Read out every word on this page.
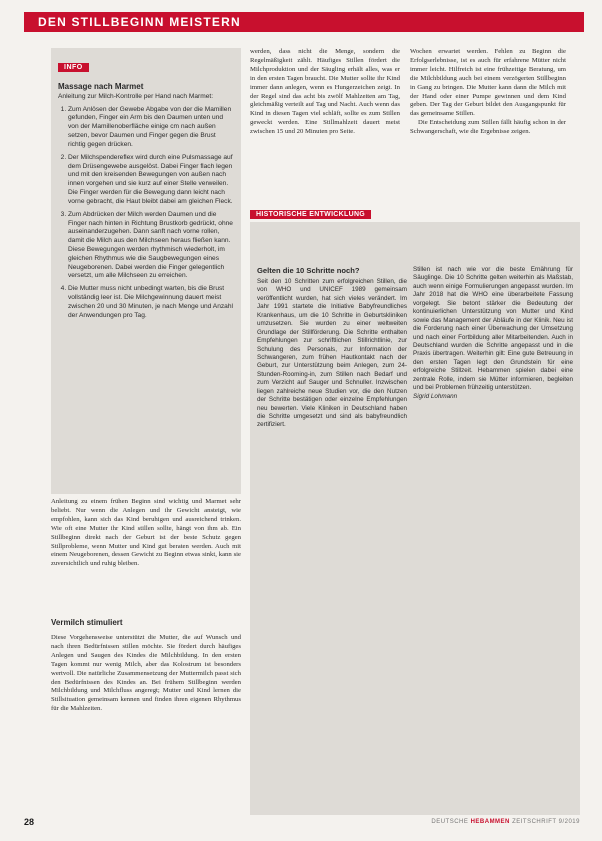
DEN STILLBEGINN MEISTERN
INFO
Massage nach Marmet
Anleitung zur Milch-Kontrolle per Hand nach Marmet:
1. Zum Anlösen der Gewebe Abgabe von der die Mamillen gefunden, Finger ein Arm bis den Daumen unten und von der Mamillenoberfläche einige cm nach außen setzen, bevor Daumen und Finger gegen die Brust richtig gegen drücken.
2. Der Milchspendereflex wird durch eine Pulsmassage auf dem Drüsengewebe ausgelöst. Dabei Finger flach legen und mit den kreisenden Bewegungen von außen nach innen vorgehen und sie kurz auf einer Stelle verweilen. Die Finger werden für die Bewegung dann leicht nach vorne gebracht, die Haut bleibt dabei am gleichen Fleck.
3. Zum Abdrücken der Milch werden Daumen und die Finger nach hinten in Richtung Brustkorb gedrückt, ohne auseinanderzugehen. Dann sanft nach vorne rollen, damit die Milch aus den Milchseen heraus fließen kann. Diese Bewegungen werden rhythmisch wiederholt, im gleichen Rhythmus wie die Saugbewegungen eines Neugeborenen. Dabei werden die Finger gelegentlich versetzt, um alle Milchseen zu erreichen.
4. Die Mutter muss nicht unbedingt warten, bis die Brust vollständig leer ist. Die Milchgewinnung dauert meist zwischen 20 und 30 Minuten, je nach Menge und Anzahl der Anwendungen pro Tag.

Anleitung zu einem frühen Beginn sind wichtig und Marmet sehr beliebt. Nur wenn die Anlegen und ihr Gewicht ansteigt, wie empfohlen, kann sich das Kind beruhigen und ausreichend trinken. Wie oft eine Mutter ihr Kind stillen sollte, hängt von ihm ab. Ein Stillbeginn direkt nach der Geburt ist der beste Schutz gegen Stillprobleme, wenn Mutter und Kind gut beraten werden. Auch mit einem Neugeborenen, dessen Gewicht zu Beginn etwas sinkt, kann sie zuversichtlich und ruhig bleiben.

Vermilch stimuliert

Diese Vorgehensweise unterstützt die Mutter, die auf Wunsch und nach ihren Bedürfnissen stillen möchte. Sie fördert durch häufiges Anlegen und Saugen des Kindes die Milchbildung. In den ersten Tagen kommt nur wenig Milch, aber das Kolostrum ist besonders wertvoll. Die natürliche Zusammensetzung der Muttermilch passt sich den Bedürfnissen des Kindes an. Bei frühem Stillbeginn werden Milchbildung und Milchfluss angeregt; Mutter und Kind lernen die Stillsituation gemeinsam kennen und finden ihren eigenen Rhythmus für die Mahlzeiten.

werden, dass nicht die Menge, sondern die Regelmäßigkeit zählt. Häufiges Stillen fördert die Milchproduktion und der Säugling erhält alles, was er in den ersten Tagen braucht. Die Mutter sollte ihr Kind immer dann anlegen, wenn es Hungerzeichen zeigt. In der Regel sind das acht bis zwölf Mahlzeiten am Tag, gleichmäßig verteilt auf Tag und Nacht. Auch wenn das Kind in diesen Tagen viel schläft, sollte es zum Stillen geweckt werden. Eine Stillmahlzeit dauert meist zwischen 15 und 20 Minuten pro Seite.

Wochen erwartet werden. Fehlen zu Beginn die Erfolgserlebnisse, ist es auch für erfahrene Mütter nicht immer leicht. Hilfreich ist eine frühzeitige Beratung, um die Milchbildung auch bei einem verzögerten Stillbeginn in Gang zu bringen. Die Mutter kann dann die Milch mit der Hand oder einer Pumpe gewinnen und dem Kind geben. Der Tag der Geburt bildet den Ausgangspunkt für das gemeinsame Stillen.

Die Entscheidung zum Stillen fällt häufig schon in der Schwangerschaft, wie die Ergebnisse zeigen.

HISTORISCHE ENTWICKLUNG
Gelten die 10 Schritte noch?

Seit den 10 Schritten zum erfolgreichen Stillen, die von WHO und UNICEF 1989 gemeinsam veröffentlicht wurden, hat sich vieles verändert. Im Jahr 1991 startete die Initiative Babyfreundliches Krankenhaus, um die 10 Schritte in Geburtskliniken umzusetzen. Sie wurden zu einer weltweiten Grundlage der Stillförderung. Die Schritte enthalten Empfehlungen zur schriftlichen Stillrichtlinie, zur Schulung des Personals, zur Information der Schwangeren, zum frühen Hautkontakt nach der Geburt, zur Unterstützung beim Anlegen, zum 24-Stunden-Rooming-in, zum Stillen nach Bedarf und zum Verzicht auf Sauger und Schnuller. Inzwischen liegen zahlreiche neue Studien vor, die den Nutzen der Schritte bestätigen oder einzelne Empfehlungen neu bewerten. Viele Kliniken in Deutschland haben die Schritte umgesetzt und sind als babyfreundlich zertifiziert.

Stillen ist nach wie vor die beste Ernährung für Säuglinge. Die 10 Schritte gelten weiterhin als Maßstab, auch wenn einige Formulierungen angepasst wurden. Im Jahr 2018 hat die WHO eine überarbeitete Fassung vorgelegt. Sie betont stärker die Bedeutung der kontinuierlichen Unterstützung von Mutter und Kind sowie das Management der Abläufe in der Klinik. Neu ist die Forderung nach einer Überwachung der Umsetzung und nach einer Fortbildung aller Mitarbeitenden. Auch in Deutschland wurden die Schritte angepasst und in die Praxis übertragen. Weiterhin gilt: Eine gute Betreuung in den ersten Tagen legt den Grundstein für eine erfolgreiche Stillzeit. Hebammen spielen dabei eine zentrale Rolle, indem sie Mütter informieren, begleiten und bei Problemen frühzeitig unterstützen.

Sigrid Lohmann

28	DEUTSCHE HEBAMMEN ZEITSCHRIFT 9/2019
